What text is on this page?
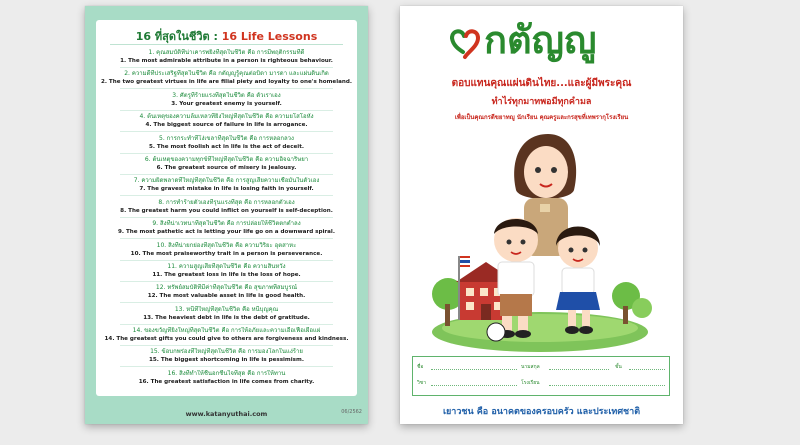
16 ที่สุดในชีวิต : 16 Life Lessons
1. คุณสมบัติที่น่าเคารพยิ่งที่สุดในชีวิต คือ การมีพฤติกรรมที่ดี
1. The most admirable attribute in a person is righteous behaviour.
2. ความดีที่ประเสริฐที่สุดในชีวิต คือ กตัญญูรู้คุณต่อบิดา มารดา และแผ่นดินเกิด
2. The two greatest virtues in life are filial piety and loyalty to one's homeland.
3. ศัตรูที่ร้ายแรงที่สุดในชีวิต คือ ตัวเราเอง
3. Your greatest enemy is yourself.
4. ต้นเหตุของความล้มเหลวที่ยิ่งใหญ่ที่สุดในชีวิต คือ ความยโสโอหัง
4. The biggest source of failure in life is arrogance.
5. การกระทำที่โง่เขลาที่สุดในชีวิต คือ การหลอกลวง
5. The most foolish act in life is the act of deceit.
6. ต้นเหตุของความทุกข์ที่ใหญ่ที่สุดในชีวิต คือ ความอิจฉาริษยา
6. The greatest source of misery is jealousy.
7. ความผิดพลาดที่ใหญ่ที่สุดในชีวิต คือ การสูญเสียความเชื่อมั่นในตัวเอง
7. The gravest mistake in life is losing faith in yourself.
8. การทำร้ายตัวเองที่รุนแรงที่สุด คือ การหลอกตัวเอง
8. The greatest harm you could inflict on yourself is self-deception.
9. สิ่งที่น่าเวทนาที่สุดในชีวิต คือ การปล่อยให้ชีวิตตกต่ำลง
9. The most pathetic act is letting your life go on a downward spiral.
10. สิ่งที่น่ายกย่องที่สุดในชีวิต คือ ความวิริยะ อุตสาหะ
10. The most praiseworthy trait in a person is perseverance.
11. ความสูญเสียที่สุดในชีวิต คือ ความสิ้นหวัง
11. The greatest loss in life is the loss of hope.
12. ทรัพย์สมบัติที่มีค่าที่สุดในชีวิต คือ สุขภาพที่สมบูรณ์
12. The most valuable asset in life is good health.
13. หนี้ที่ใหญ่ที่สุดในชีวิต คือ หนี้บุญคุณ
13. The heaviest debt in life is the debt of gratitude.
14. ของขวัญที่ยิ่งใหญ่ที่สุดในชีวิต คือ การให้อภัยและความเอื้อเฟื้อเผื่อแผ่
14. The greatest gifts you could give to others are forgiveness and kindness.
15. ข้อบกพร่องที่ใหญ่ที่สุดในชีวิต คือ การมองโลกในแง่ร้าย
15. The biggest shortcoming in life is pessimism.
16. สิ่งที่ทำให้ชื่นอกชื่นใจที่สุด คือ การให้ทาน
16. The greatest satisfaction in life comes from charity.
www.katanyuthai.com	06/2562
กตัญญู
ตอบแทนคุณแผ่นดินไทย...และผู้มีพระคุณ
ทำไร่ทุกมาทพอมีทุกคำมล
เพื่อเป็นคุณกรตีขยาทญู นักเรียน คุณครูและกรสุขที่เทพรากุโรงเรียน
ชื่อ	นามสกุล	ชั้น
วิชา	โรงเรียน
เยาวชน คือ อนาคตของครอบครัว และประเทศชาติ
